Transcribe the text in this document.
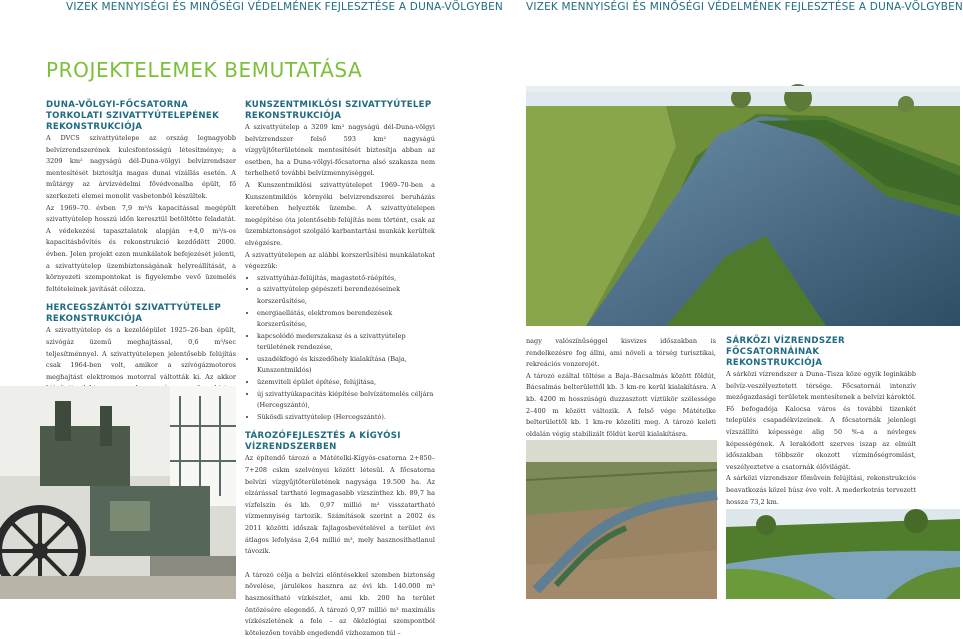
VIZEK MENNYISÉGI ÉS MINŐSÉGI VÉDELMÉNEK FEJLESZTÉSE A DUNA-VÖLGYBEN VIZEK MENNYISÉGI ÉS MINŐSÉGI VÉDELMÉNEK FEJLESZTÉSE A DUNA-VÖLGYBEN
PROJEKTELEMEK BEMUTATÁSA
DUNA-VÖLGYI-FŐCSATORNA TORKOLATI SZIVATTYÚTELEPÉNEK REKONSTRUKCIÓJA

A DVCS szivattyútelepe az ország legnagyobb belvízrendszerének kulcsfontosságú létesítménye; a 3209 km² nagyságú dél-Duna-völgyi belvízrendszer mentesítését biztosítja magas dunai vízállás esetén. A műtárgy az árvízvédelmi fővédvonalba épült, fő szerkezeti elemei monolit vasbetonból készültek.

Az 1969–70. évben 7,9 m³/s kapacitással megépült szivattyútelep hosszú időn keresztül betöltötte feladatát. A védekezési tapasztalatok alapján +4,0 m³/s-os kapacitásbővítés és rekonstrukció kezdődött 2000. évben. Jelen projekt ezen munkálatok befejezését jelenti, a szivattyútelep üzembiztonságának helyreállítását, a környezeti szempontokat is figyelembe vevő üzemelés feltételeinek javítását célozza.

HERCEGSZÁNTÓI SZIVATTYÚTELEP REKONSTRUKCIÓJA

A szivattyútelep és a kezelőépület 1925–26-ban épült, szivógáz üzemű meghajtással, 0,6 m³/sec teljesítménnyel. A szivattyútelepen jelentősebb felújítás csak 1964-ben volt, amikor a szívógázmotoros meghajtást elektromos motorral váltották ki. Az akkor

KUNSZENTMIKLÓSI SZIVATTYÚTELEP REKONSTRUKCIÓJA

A szivattyútelep a 3209 km² nagyságú dél-Duna-völgyi belvízrendszer felső 593 km² nagyságú vízgyűjtőterületének mentesítését biztosítja abban az esetben, ha a Duna-völgyi-főcsatorna alsó szakasza nem terhelhető további belvízmennyiséggel.

A Kunszentmiklósi szivattyútelepet 1969–70-ben a Kunszentmiklós környéki belvizrendszerei beruházás keretében helyezték üzembe. A szivattyútelepen megépítése óta jelentősebb felújítás nem történt, csak az üzembiztonságot szolgáló karbantartási munkák kerültek elvégzésre.

A szivattyútelepen az alábbi korszerűsítési munkálatokat végezzük:

• szivattyúház-felújítás, magastető-ráépítés,
• a szivattyútelep gépészeti berendezéseinek korszerűsítése,
• energiaellátás, elektromos berendezések korszerűsítése,
• kapcsolódó mederszakasz és a szivattyútelep területének rendezése,
• uszadékfogó és kiszedőhely kialakítása (Baja, Kunszentmiklós)
• üzemviteli épület építése, felújítása,
• új szivattyúkapacitás kiépítése belvízátemelés céljára (Hercegszántó),
• Sükösdi szivattyútelep (Hercegszántó).
TÁROZÓFEJLESZTÉS A KÍGYÓSI VÍZRENDSZERBEN

Az építendő tározó a Mátételki-Kígyós-csatorna 2+850–7+208 cskm szelvényei között létesül. A főcsatorna belvízi vízgyűjtőterületének nagysága 19.500 ha. Az elzárással tartható legmagasabb vízszinthez kb. 89,7 ha vízfelszín és kb. 0,97 millió m³ visszatartható vízmennyiség tartozik. Számítások szerint a 2002 és 2011 közötti időszak fajlagosbevételével a terület évi átlagos lefolyása 2,64 millió m³, mely hasznosíthatlanul távozik.

A tározó célja a belvízi elöntésekkel szemben biztonság növelése, járulékos hasznra az évi kb. 140.000 m³ hasznosítható vízkészlet, ami kb. 200 ha terület öntözésére elegendő. A tározó 0,97 millió m³ maximális vízkészletének a fele – az öközlógiai szempontból kötelezően tovább engedendő vízhozamon túl –

nagy valószínűséggel kisvizes időszakban is rendelkezésre fog állni, ami növeli a térség turisztikai, rekreációs vonzerejét.

A tározó ezáltal töltése a Baja–Bácsalmás között földút, Bácsalmás belterülettől kb. 3 km-re kerül kialakításra. A kb. 4200 m hosszúságú duzzasztott víztükör szélessége 2–400 m között változik. A felső vége Mátételke belterülettől kb. 1 km-re közelíti meg. A tározó keleti oldalán végig stabilizált földút kerül kialakításra.

SÁRKÖZI VÍZRENDSZER FŐCSATORNÁINAK REKONSTRUKCIÓJA

A sárközi vízrendszer a Duna–Tisza köze egyik leginkább belvíz-veszélyeztetett térsége. Főcsatornái intenzív mezőgazdasági területek mentesítenek a belvízi károktól. Fő befogadója Kalocsa város és további tizenkét település csapadékvizeinek. A főcsatornák jelenlegi vízszállító képessége alig 50 %-a a névleges képességének. A lerakódott szerves iszap az elmúlt időszakban többször okozott vízminőségromlást, veszélyeztetve a csatornák élővilágát.

A sárközi vízrendszer főművein felújítási, rekonstrukciós beavatkozás közel húsz éve volt. A mederkotrás tervezett hossza 73,2 km.
